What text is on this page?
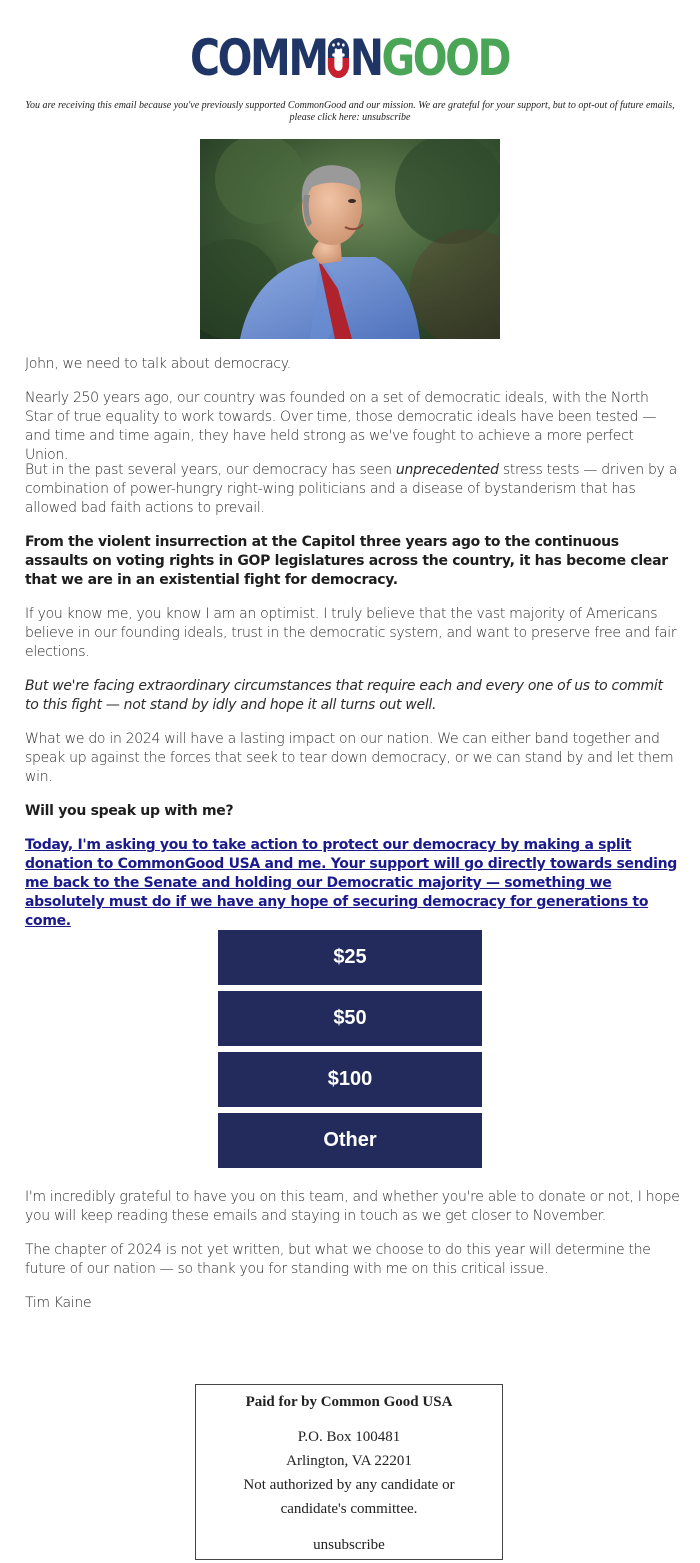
COMM N GOOD
You are receiving this email because you've previously supported CommonGood and our mission. We are grateful for your support, but to opt-out of future emails, please click here: unsubscribe

John, we need to talk about democracy.

Nearly 250 years ago, our country was founded on a set of democratic ideals, with the North Star of true equality to work towards. Over time, those democratic ideals have been tested — and time and time again, they have held strong as we've fought to achieve a more perfect Union.

But in the past several years, our democracy has seen unprecedented stress tests — driven by a combination of power-hungry right-wing politicians and a disease of bystanderism that has allowed bad faith actions to prevail.

From the violent insurrection at the Capitol three years ago to the continuous assaults on voting rights in GOP legislatures across the country, it has become clear that we are in an existential fight for democracy.

If you know me, you know I am an optimist. I truly believe that the vast majority of Americans believe in our founding ideals, trust in the democratic system, and want to preserve free and fair elections.

But we're facing extraordinary circumstances that require each and every one of us to commit to this fight — not stand by idly and hope it all turns out well.

What we do in 2024 will have a lasting impact on our nation. We can either band together and speak up against the forces that seek to tear down democracy, or we can stand by and let them win.

Will you speak up with me?

Today, I'm asking you to take action to protect our democracy by making a split donation to CommonGood USA and me. Your support will go directly towards sending me back to the Senate and holding our Democratic majority — something we absolutely must do if we have any hope of securing democracy for generations to come.

$25
$50
$100
Other

I'm incredibly grateful to have you on this team, and whether you're able to donate or not, I hope you will keep reading these emails and staying in touch as we get closer to November.

The chapter of 2024 is not yet written, but what we choose to do this year will determine the future of our nation — so thank you for standing with me on this critical issue.

Tim Kaine

Paid for by Common Good USA
P.O. Box 100481
Arlington, VA 22201
Not authorized by any candidate or
candidate's committee.
unsubscribe
